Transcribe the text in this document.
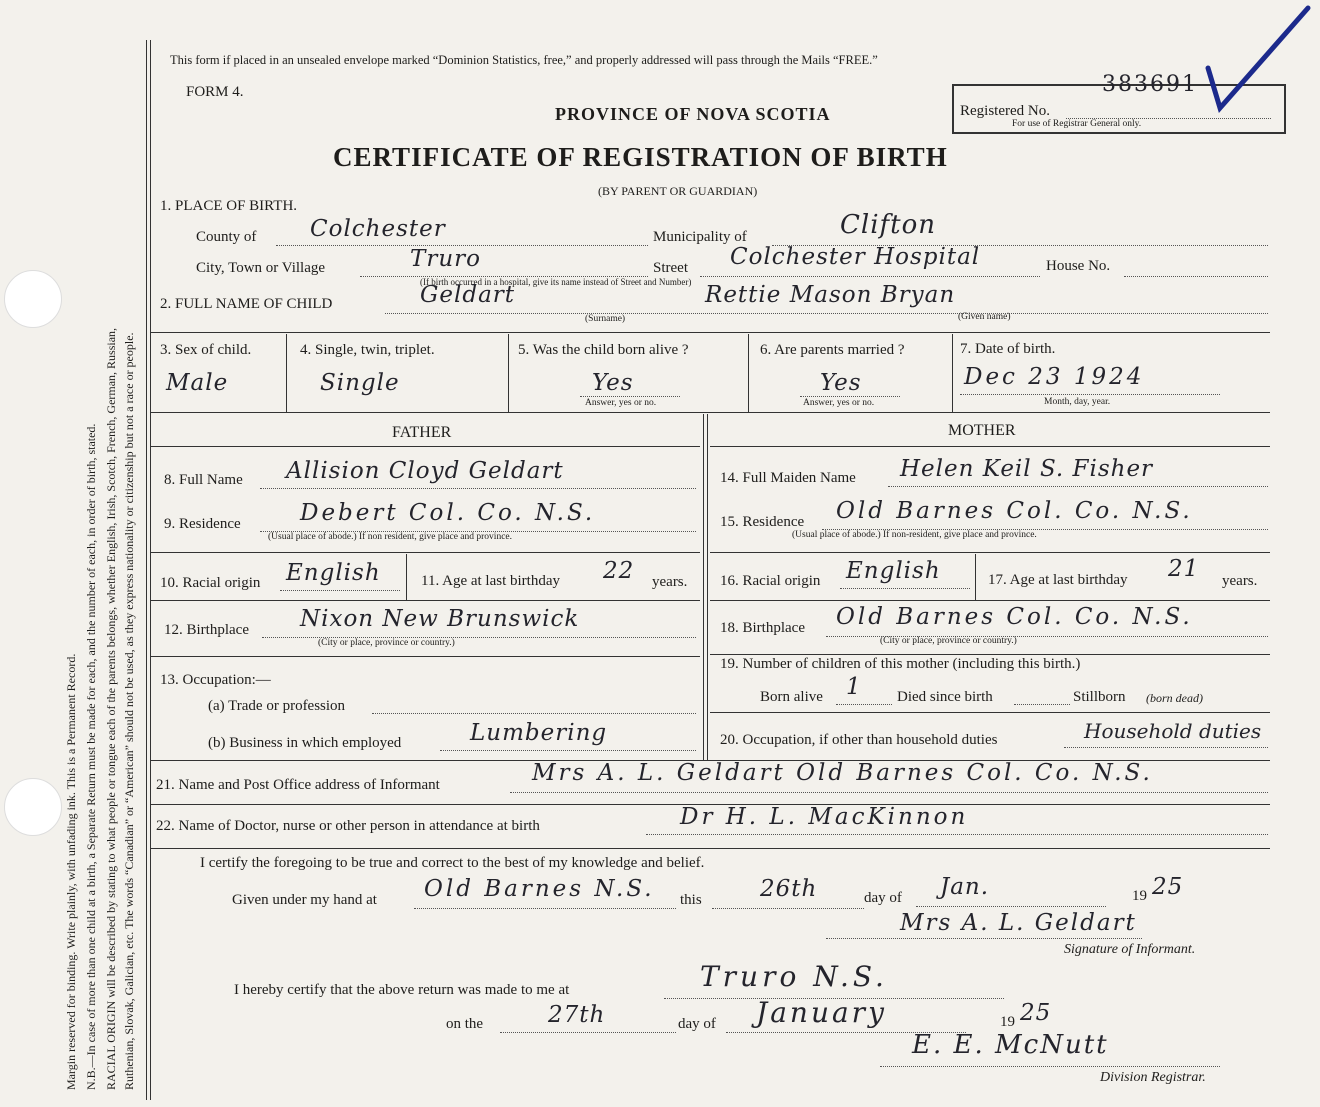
Margin reserved for binding. Write plainly, with unfading ink. This is a Permanent Record. N.B.—In case of more than one child at a birth, a Separate Return must be made for each, and the number of each, in order of birth, stated. RACIAL ORIGIN will be described by stating to what people or tongue each of the parents belongs, whether English, Irish, Scotch, French, German, Russian, Ruthenian, Slovak, Galician, etc. The words “Canadian” or “American” should not be used, as they express nationality or citizenship but not a race or people.
This form if placed in an unsealed envelope marked “Dominion Statistics, free,” and properly addressed will pass through the Mails “FREE.”
FORM 4.
PROVINCE OF NOVA SCOTIA
CERTIFICATE OF REGISTRATION OF BIRTH
(BY PARENT OR GUARDIAN)
Registered No.
383691
For use of Registrar General only.
1. PLACE OF BIRTH.
County of Colchester	Municipality of	Clifton
City, Town or Village	Truro	Street Colchester Hospital	House No.
(If birth occurred in a hospital, give its name instead of Street and Number)
2. FULL NAME OF CHILD	Geldart	Rettie Mason Bryan
(Surname)	(Given name)
3. Sex of child.
Male
4. Single, twin, triplet.
Single
5. Was the child born alive ?
Yes
Answer, yes or no.
6. Are parents married ?
Yes
Answer, yes or no.
7. Date of birth.
Dec 23 1924
Month, day, year.
FATHER
8. Full Name Allision Cloyd Geldart
9. Residence	Debert Col. Co. N.S.
(Usual place of abode.) If non resident, give place and province.
10. Racial origin English	11. Age at last birthday 22 years.
12. Birthplace Nixon New Brunswick
(City or place, province or country.)
13. Occupation:—
(a) Trade or profession
(b) Business in which employed	Lumbering
MOTHER
14. Full Maiden Name Helen Keil S. Fisher
15. Residence Old Barnes Col. Co. N.S.
(Usual place of abode.) If non-resident, give place and province.
16. Racial origin English	17. Age at last birthday 21 years.
18. Birthplace Old Barnes Col. Co. N.S.
(City or place, province or country.)
19. Number of children of this mother (including this birth.)
Born alive 1 Died since birth	Stillborn (born dead)
20. Occupation, if other than household duties	Household duties
21. Name and Post Office address of Informant	Mrs A. L. Geldart Old Barnes Col. Co. N.S.
22. Name of Doctor, nurse or other person in attendance at birth	Dr H. L. MacKinnon
I certify the foregoing to be true and correct to the best of my knowledge and belief.
Given under my hand at Old Barnes N.S. this	26th	day of Jan.	19 25
Mrs A. L. Geldart
Signature of Informant.
I hereby certify that the above return was made to me at	Truro N.S.
on the	27th	day of January	19 25
E. E. McNutt
Division Registrar.
